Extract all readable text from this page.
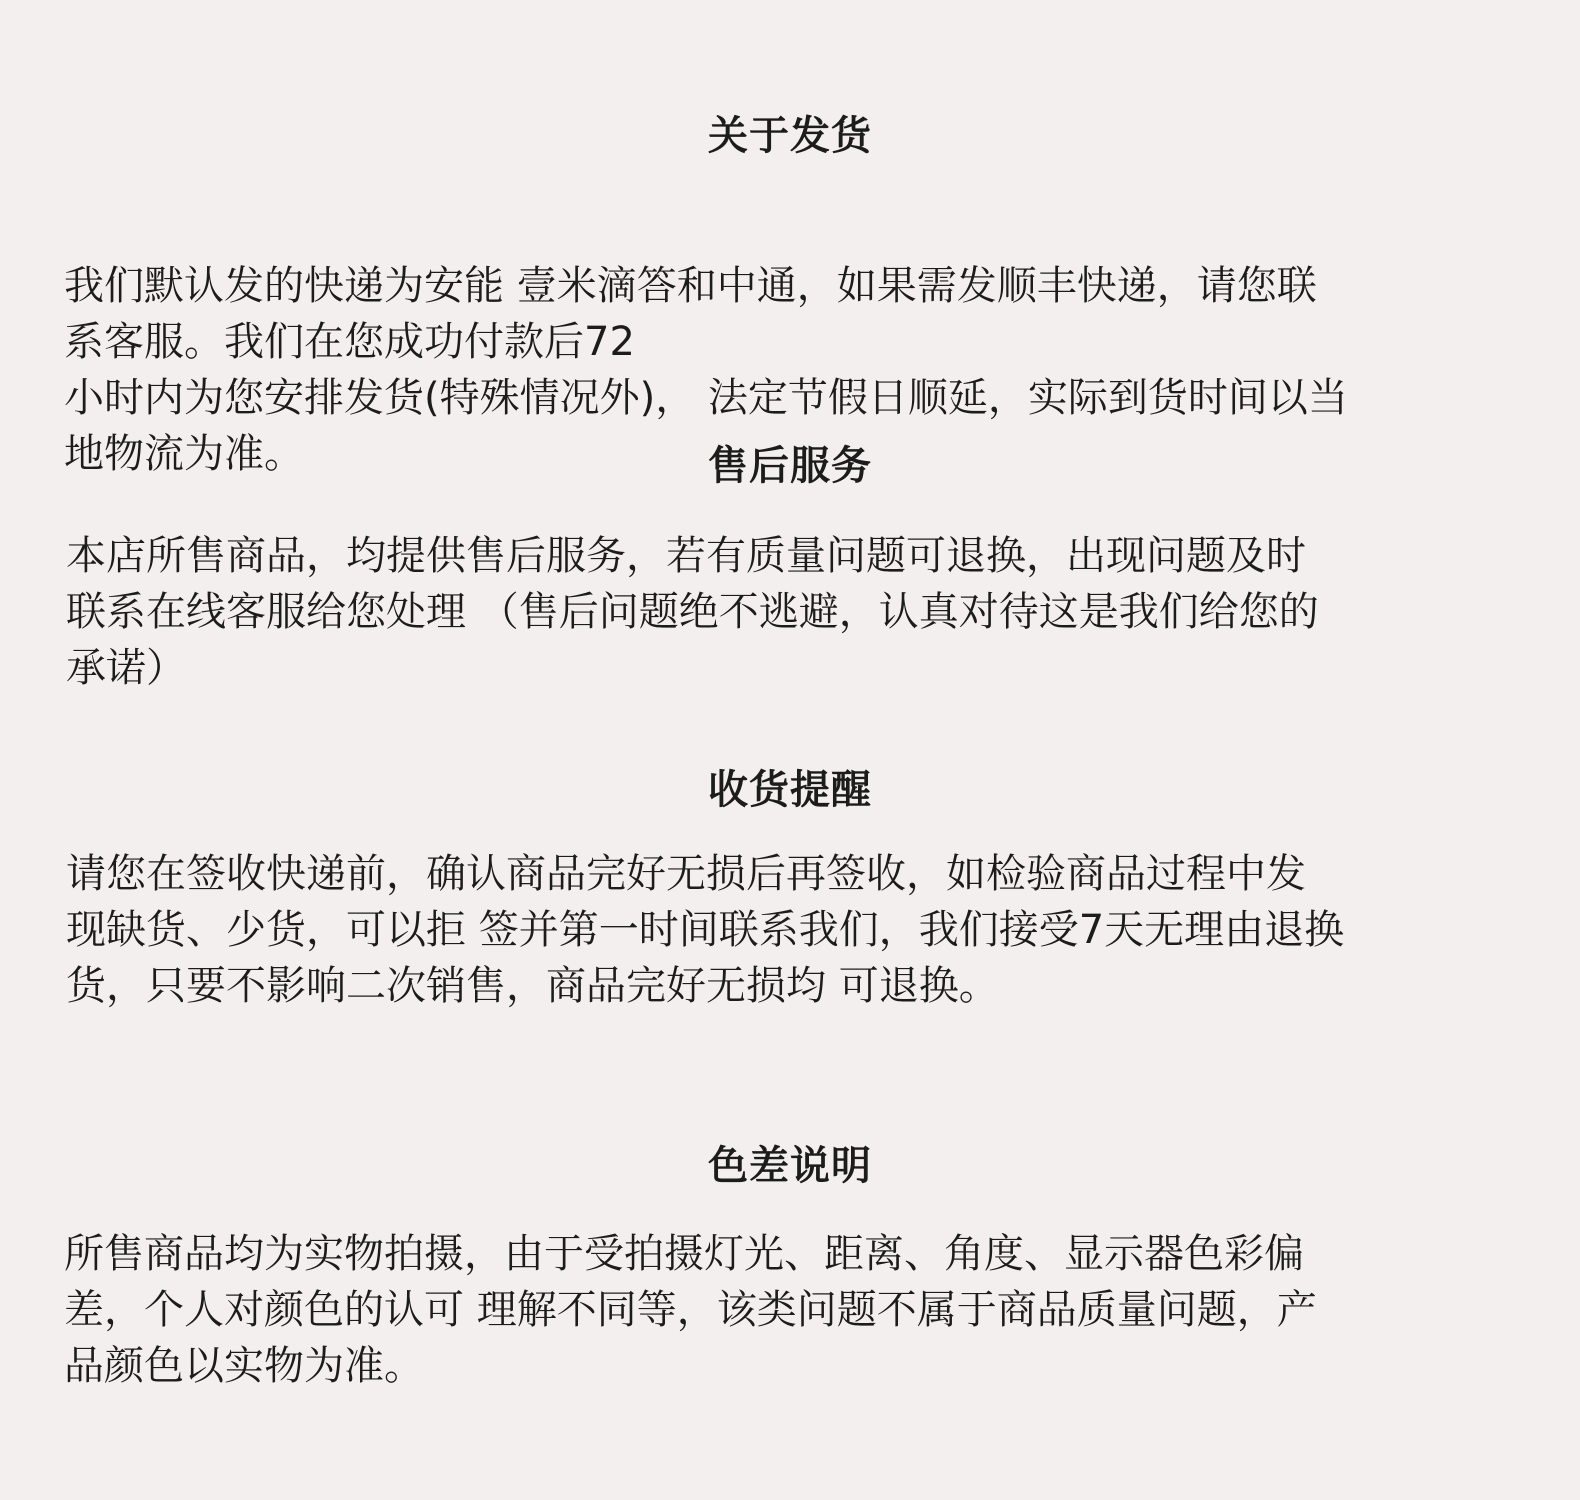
关于发货
我们默认发的快递为安能 壹米滴答和中通，如果需发顺丰快递，请您联
系客服。我们在您成功付款后72
小时内为您安排发货(特殊情况外)， 法定节假日顺延，实际到货时间以当
地物流为准。	售后服务
本店所售商品，均提供售后服务，若有质量问题可退换，出现问题及时
联系在线客服给您处理 （售后问题绝不逃避，认真对待这是我们给您的
承诺）
收货提醒
请您在签收快递前，确认商品完好无损后再签收，如检验商品过程中发
现缺货、少货，可以拒 签并第一时间联系我们，我们接受7天无理由退换
货，只要不影响二次销售，商品完好无损均 可退换。
色差说明
所售商品均为实物拍摄，由于受拍摄灯光、距离、角度、显示器色彩偏
差，个人对颜色的认可 理解不同等，该类问题不属于商品质量问题，产
品颜色以实物为准。
